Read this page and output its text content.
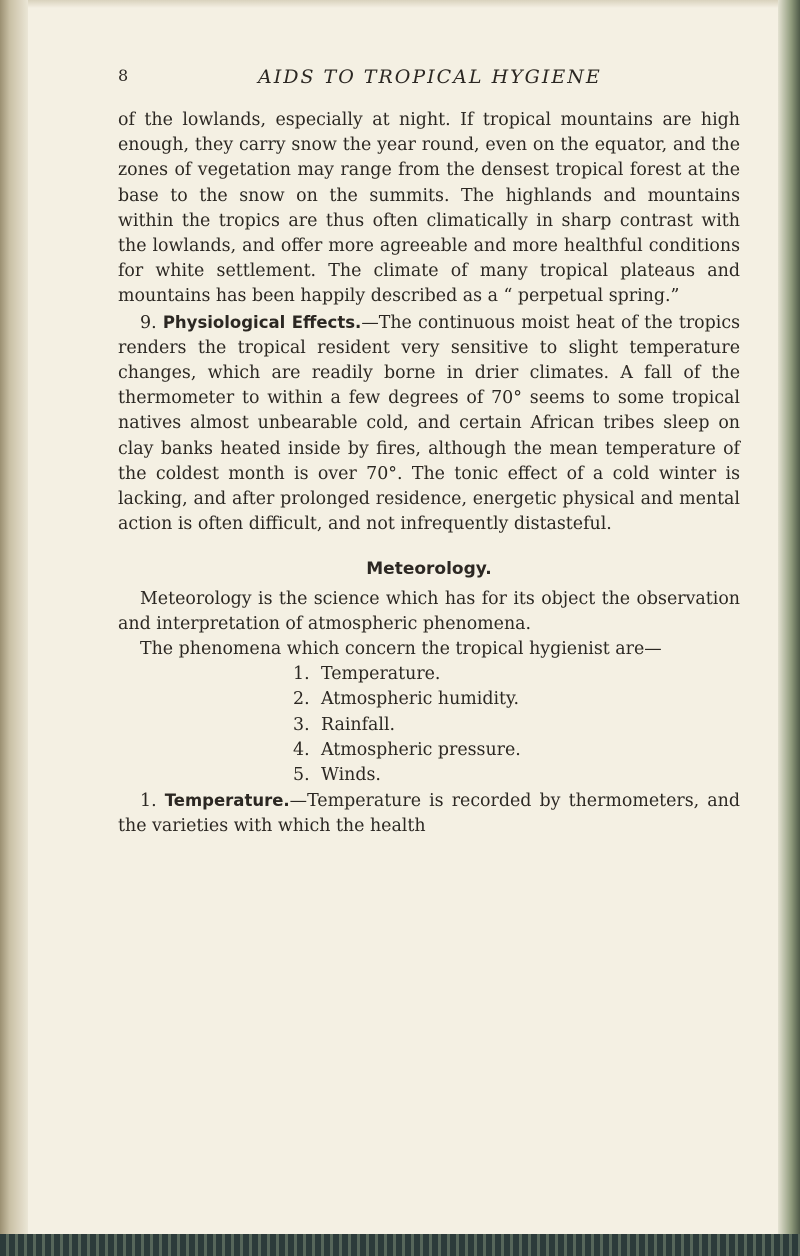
8	AIDS TO TROPICAL HYGIENE

of the lowlands, especially at night. If tropical mountains are high enough, they carry snow the year round, even on the equator, and the zones of vegetation may range from the densest tropical forest at the base to the snow on the summits. The highlands and mountains within the tropics are thus often climatically in sharp contrast with the lowlands, and offer more agreeable and more healthful conditions for white settlement. The climate of many tropical plateaus and mountains has been happily described as a “ perpetual spring.”

9. Physiological Effects.—The continuous moist heat of the tropics renders the tropical resident very sensitive to slight temperature changes, which are readily borne in drier climates. A fall of the thermometer to within a few degrees of 70° seems to some tropical natives almost unbearable cold, and certain African tribes sleep on clay banks heated inside by fires, although the mean temperature of the coldest month is over 70°. The tonic effect of a cold winter is lacking, and after prolonged residence, energetic physical and mental action is often difficult, and not infrequently distasteful.

Meteorology.

Meteorology is the science which has for its object the observation and interpretation of atmospheric phenomena.

The phenomena which concern the tropical hygienist are—

1. Temperature.
2. Atmospheric humidity.
3. Rainfall.
4. Atmospheric pressure.
5. Winds.

1. Temperature.—Temperature is recorded by thermometers, and the varieties with which the health
